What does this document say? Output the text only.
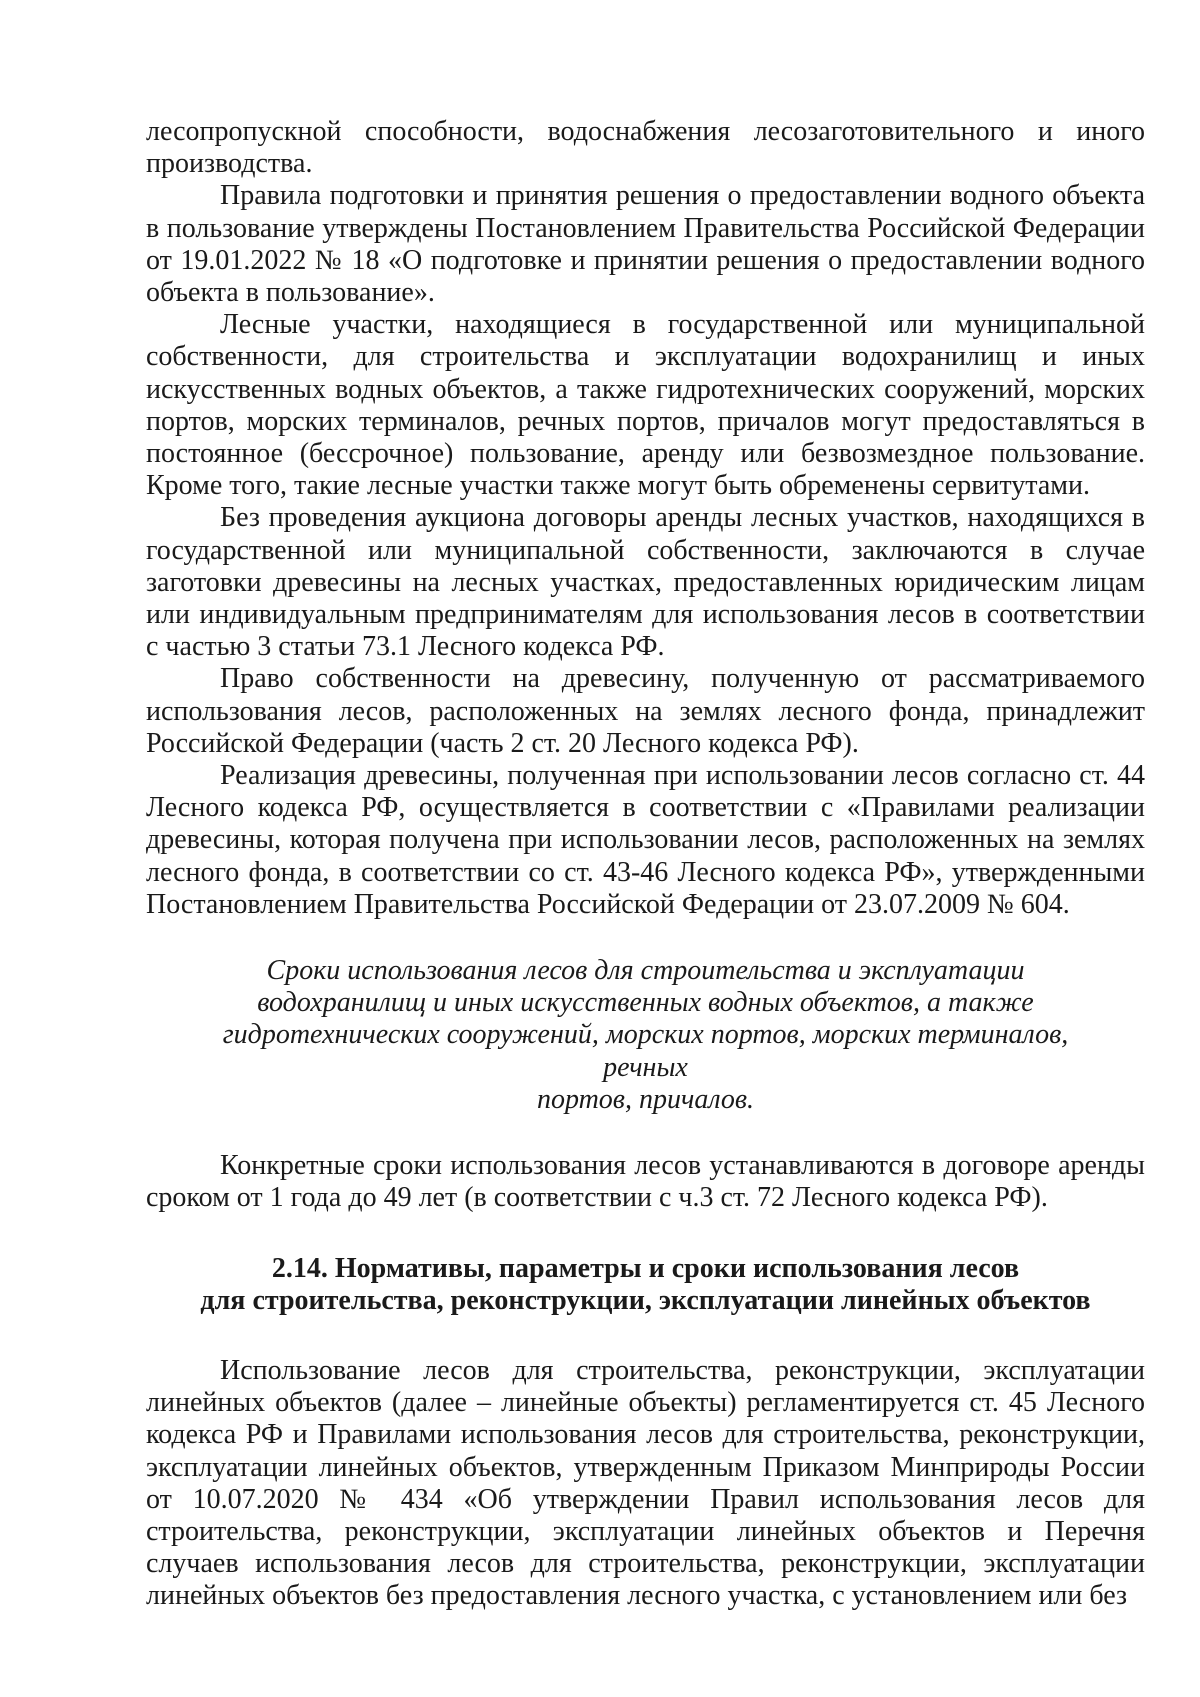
лесопропускной способности, водоснабжения лесозаготовительного и иного производства.

Правила подготовки и принятия решения о предоставлении водного объекта в пользование утверждены Постановлением Правительства Российской Федерации от 19.01.2022 № 18 «О подготовке и принятии решения о предоставлении водного объекта в пользование».

Лесные участки, находящиеся в государственной или муниципальной собственности, для строительства и эксплуатации водохранилищ и иных искусственных водных объектов, а также гидротехнических сооружений, морских портов, морских терминалов, речных портов, причалов могут предоставляться в постоянное (бессрочное) пользование, аренду или безвозмездное пользование. Кроме того, такие лесные участки также могут быть обременены сервитутами.

Без проведения аукциона договоры аренды лесных участков, находящихся в государственной или муниципальной собственности, заключаются в случае заготовки древесины на лесных участках, предоставленных юридическим лицам или индивидуальным предпринимателям для использования лесов в соответствии с частью 3 статьи 73.1 Лесного кодекса РФ.

Право собственности на древесину, полученную от рассматриваемого использования лесов, расположенных на землях лесного фонда, принадлежит Российской Федерации (часть 2 ст. 20 Лесного кодекса РФ).

Реализация древесины, полученная при использовании лесов согласно ст. 44 Лесного кодекса РФ, осуществляется в соответствии с «Правилами реализации древесины, которая получена при использовании лесов, расположенных на землях лесного фонда, в соответствии со ст. 43-46 Лесного кодекса РФ», утвержденными Постановлением Правительства Российской Федерации от 23.07.2009 № 604.

Сроки использования лесов для строительства и эксплуатации
водохранилищ и иных искусственных водных объектов, а также
гидротехнических сооружений, морских портов, морских терминалов, речных
портов, причалов.

Конкретные сроки использования лесов устанавливаются в договоре аренды сроком от 1 года до 49 лет (в соответствии с ч.3 ст. 72 Лесного кодекса РФ).

2.14. Нормативы, параметры и сроки использования лесов
для строительства, реконструкции, эксплуатации линейных объектов

Использование лесов для строительства, реконструкции, эксплуатации линейных объектов (далее – линейные объекты) регламентируется ст. 45 Лесного кодекса РФ и Правилами использования лесов для строительства, реконструкции, эксплуатации линейных объектов, утвержденным Приказом Минприроды России от 10.07.2020 № 434 «Об утверждении Правил использования лесов для строительства, реконструкции, эксплуатации линейных объектов и Перечня случаев использования лесов для строительства, реконструкции, эксплуатации линейных объектов без предоставления лесного участка, с установлением или без
